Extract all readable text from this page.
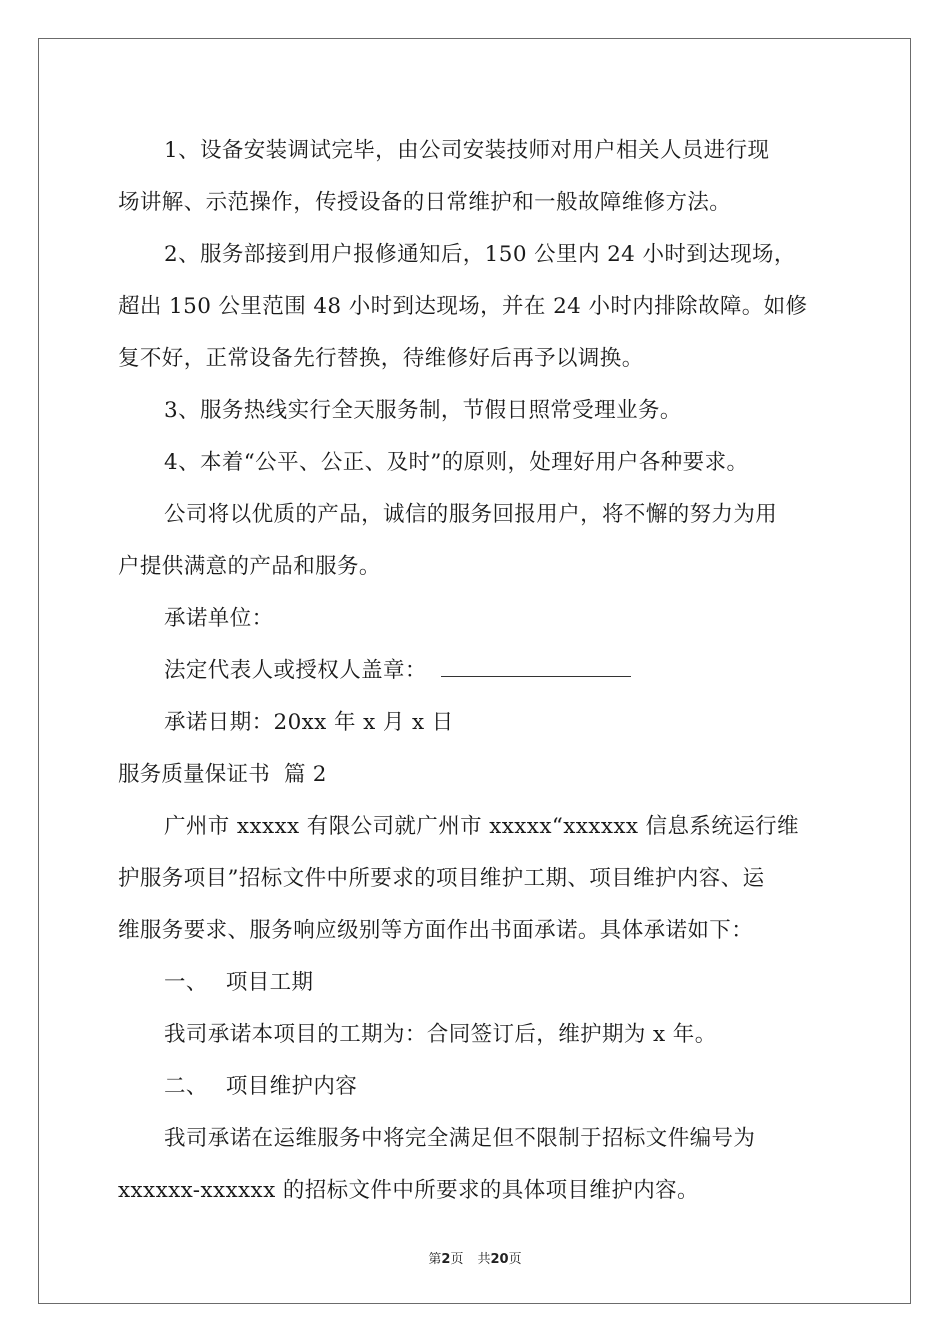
1、设备安装调试完毕，由公司安装技师对用户相关人员进行现
场讲解、示范操作，传授设备的日常维护和一般故障维修方法。
2、服务部接到用户报修通知后，150 公里内 24 小时到达现场，
超出 150 公里范围 48 小时到达现场，并在 24 小时内排除故障。如修
复不好，正常设备先行替换，待维修好后再予以调换。
3、服务热线实行全天服务制，节假日照常受理业务。
4、本着“公平、公正、及时”的原则，处理好用户各种要求。
公司将以优质的产品，诚信的服务回报用户，将不懈的努力为用
户提供满意的产品和服务。
承诺单位：
法定代表人或授权人盖章：
承诺日期：20xx 年 x 月 x 日
服务质量保证书  篇 2
广州市 xxxxx 有限公司就广州市 xxxxx“xxxxxx 信息系统运行维
护服务项目”招标文件中所要求的项目维护工期、项目维护内容、运
维服务要求、服务响应级别等方面作出书面承诺。具体承诺如下：
一、 项目工期
我司承诺本项目的工期为：合同签订后，维护期为 x 年。
二、 项目维护内容
我司承诺在运维服务中将完全满足但不限制于招标文件编号为
xxxxxx-xxxxxx 的招标文件中所要求的具体项目维护内容。
第2页 共20页
